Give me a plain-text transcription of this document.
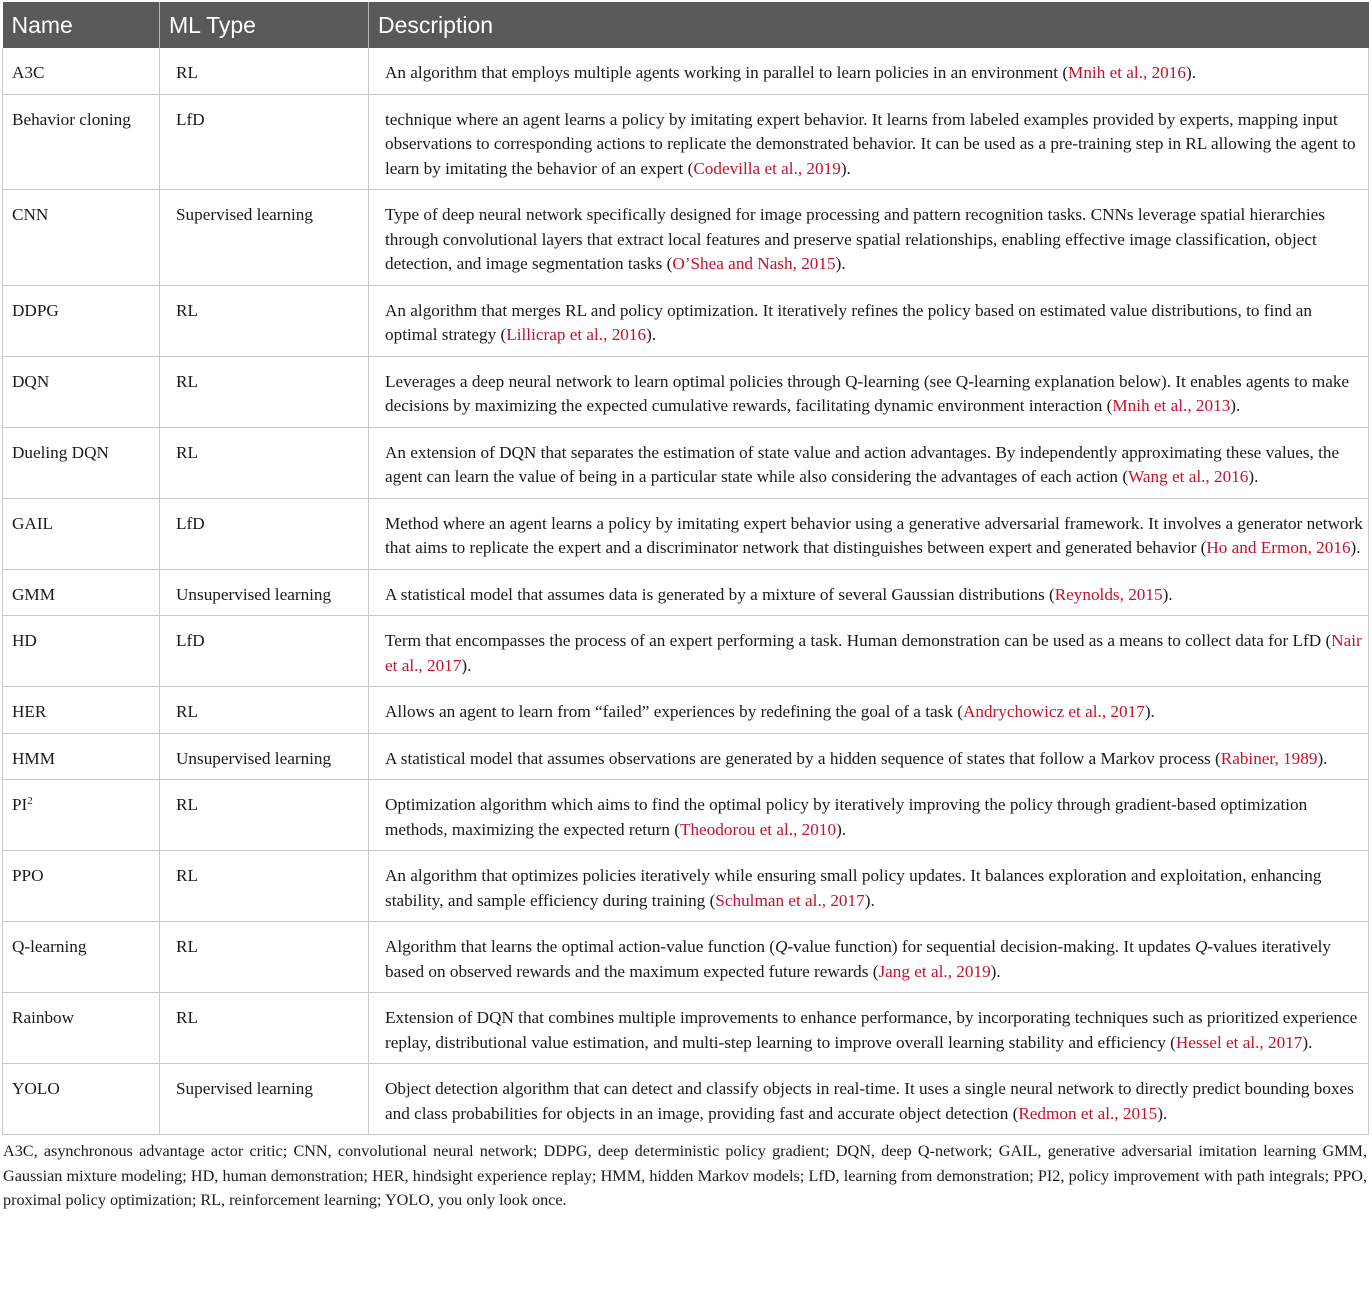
Name	ML Type	Description
A3C	RL	An algorithm that employs multiple agents working in parallel to learn policies in an environment (Mnih et al., 2016).
Behavior cloning	LfD	technique where an agent learns a policy by imitating expert behavior. It learns from labeled examples provided by experts, mapping input observations to corresponding actions to replicate the demonstrated behavior. It can be used as a pre-training step in RL allowing the agent to learn by imitating the behavior of an expert (Codevilla et al., 2019).
CNN	Supervised learning	Type of deep neural network specifically designed for image processing and pattern recognition tasks. CNNs leverage spatial hierarchies through convolutional layers that extract local features and preserve spatial relationships, enabling effective image classification, object detection, and image segmentation tasks (O’Shea and Nash, 2015).
DDPG	RL	An algorithm that merges RL and policy optimization. It iteratively refines the policy based on estimated value distributions, to find an optimal strategy (Lillicrap et al., 2016).
DQN	RL	Leverages a deep neural network to learn optimal policies through Q-learning (see Q-learning explanation below). It enables agents to make decisions by maximizing the expected cumulative rewards, facilitating dynamic environment interaction (Mnih et al., 2013).
Dueling DQN	RL	An extension of DQN that separates the estimation of state value and action advantages. By independently approximating these values, the agent can learn the value of being in a particular state while also considering the advantages of each action (Wang et al., 2016).
GAIL	LfD	Method where an agent learns a policy by imitating expert behavior using a generative adversarial framework. It involves a generator network that aims to replicate the expert and a discriminator network that distinguishes between expert and generated behavior (Ho and Ermon, 2016).
GMM	Unsupervised learning	A statistical model that assumes data is generated by a mixture of several Gaussian distributions (Reynolds, 2015).
HD	LfD	Term that encompasses the process of an expert performing a task. Human demonstration can be used as a means to collect data for LfD (Nair et al., 2017).
HER	RL	Allows an agent to learn from “failed” experiences by redefining the goal of a task (Andrychowicz et al., 2017).
HMM	Unsupervised learning	A statistical model that assumes observations are generated by a hidden sequence of states that follow a Markov process (Rabiner, 1989).
$PI^2$	RL	Optimization algorithm which aims to find the optimal policy by iteratively improving the policy through gradient-based optimization methods, maximizing the expected return (Theodorou et al., 2010).
PPO	RL	An algorithm that optimizes policies iteratively while ensuring small policy updates. It balances exploration and exploitation, enhancing stability, and sample efficiency during training (Schulman et al., 2017).
Q-learning	RL	Algorithm that learns the optimal action-value function (Q-value function) for sequential decision-making. It updates Q-values iteratively based on observed rewards and the maximum expected future rewards (Jang et al., 2019).
Rainbow	RL	Extension of DQN that combines multiple improvements to enhance performance, by incorporating techniques such as prioritized experience replay, distributional value estimation, and multi-step learning to improve overall learning stability and efficiency (Hessel et al., 2017).
YOLO	Supervised learning	Object detection algorithm that can detect and classify objects in real-time. It uses a single neural network to directly predict bounding boxes and class probabilities for objects in an image, providing fast and accurate object detection (Redmon et al., 2015).
A3C, asynchronous advantage actor critic; CNN, convolutional neural network; DDPG, deep deterministic policy gradient; DQN, deep Q-network; GAIL, generative adversarial imitation learning GMM, Gaussian mixture modeling; HD, human demonstration; HER, hindsight experience replay; HMM, hidden Markov models; LfD, learning from demonstration; PI2, policy improvement with path integrals; PPO, proximal policy optimization; RL, reinforcement learning; YOLO, you only look once.
